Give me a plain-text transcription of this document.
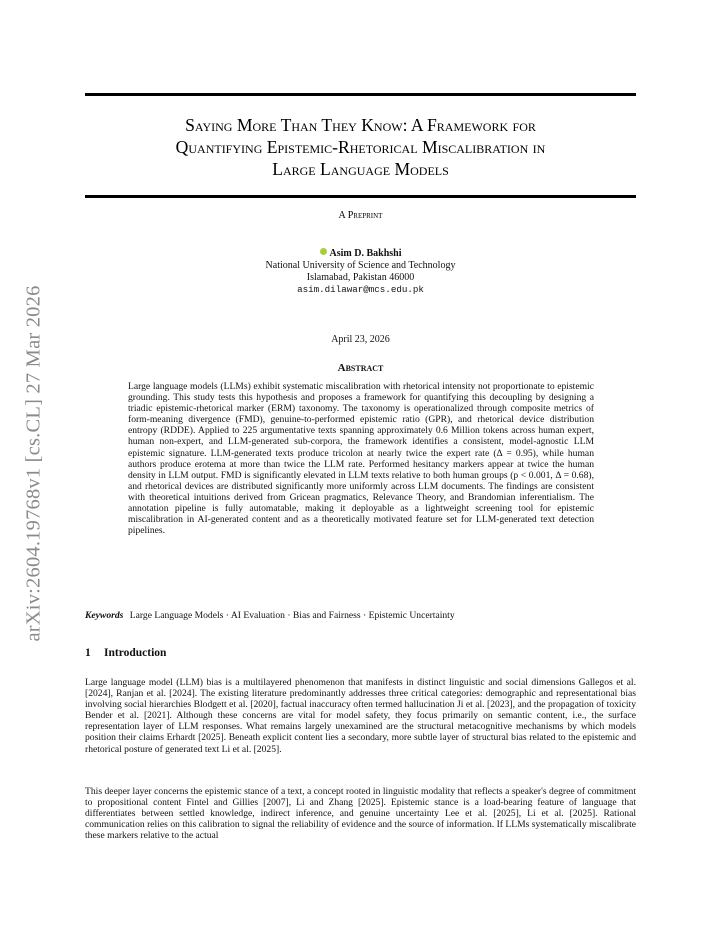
arXiv:2604.19768v1 [cs.CL] 27 Mar 2026
Saying More Than They Know: A Framework for
Quantifying Epistemic-Rhetorical Miscalibration in
Large Language Models
A Preprint
Asim D. Bakhshi
National University of Science and Technology
Islamabad, Pakistan 46000
asim.dilawar@mcs.edu.pk
April 23, 2026
Abstract

Large language models (LLMs) exhibit systematic miscalibration with rhetorical intensity not proportionate to epistemic grounding. This study tests this hypothesis and proposes a framework for quantifying this decoupling by designing a triadic epistemic-rhetorical marker (ERM) taxonomy. The taxonomy is operationalized through composite metrics of form-meaning divergence (FMD), genuine-to-performed epistemic ratio (GPR), and rhetorical device distribution entropy (RDDE). Applied to 225 argumentative texts spanning approximately 0.6 Million tokens across human expert, human non-expert, and LLM-generated sub-corpora, the framework identifies a consistent, model-agnostic LLM epistemic signature. LLM-generated texts produce tricolon at nearly twice the expert rate (Δ = 0.95), while human authors produce erotema at more than twice the LLM rate. Performed hesitancy markers appear at twice the human density in LLM output. FMD is significantly elevated in LLM texts relative to both human groups (p < 0.001, Δ = 0.68), and rhetorical devices are distributed significantly more uniformly across LLM documents. The findings are consistent with theoretical intuitions derived from Gricean pragmatics, Relevance Theory, and Brandomian inferentialism. The annotation pipeline is fully automatable, making it deployable as a lightweight screening tool for epistemic miscalibration in AI-generated content and as a theoretically motivated feature set for LLM-generated text detection pipelines.

Keywords Large Language Models · AI Evaluation · Bias and Fairness · Epistemic Uncertainty
1 Introduction

Large language model (LLM) bias is a multilayered phenomenon that manifests in distinct linguistic and social dimensions Gallegos et al. [2024], Ranjan et al. [2024]. The existing literature predominantly addresses three critical categories: demographic and representational bias involving social hierarchies Blodgett et al. [2020], factual inaccuracy often termed hallucination Ji et al. [2023], and the propagation of toxicity Bender et al. [2021]. Although these concerns are vital for model safety, they focus primarily on semantic content, i.e., the surface representation layer of LLM responses. What remains largely unexamined are the structural metacognitive mechanisms by which models position their claims Erhardt [2025]. Beneath explicit content lies a secondary, more subtle layer of structural bias related to the epistemic and rhetorical posture of generated text Li et al. [2025].

This deeper layer concerns the epistemic stance of a text, a concept rooted in linguistic modality that reflects a speaker's degree of commitment to propositional content Fintel and Gillies [2007], Li and Zhang [2025]. Epistemic stance is a load-bearing feature of language that differentiates between settled knowledge, indirect inference, and genuine uncertainty Lee et al. [2025], Li et al. [2025]. Rational communication relies on this calibration to signal the reliability of evidence and the source of information. If LLMs systematically miscalibrate these markers relative to the actual
